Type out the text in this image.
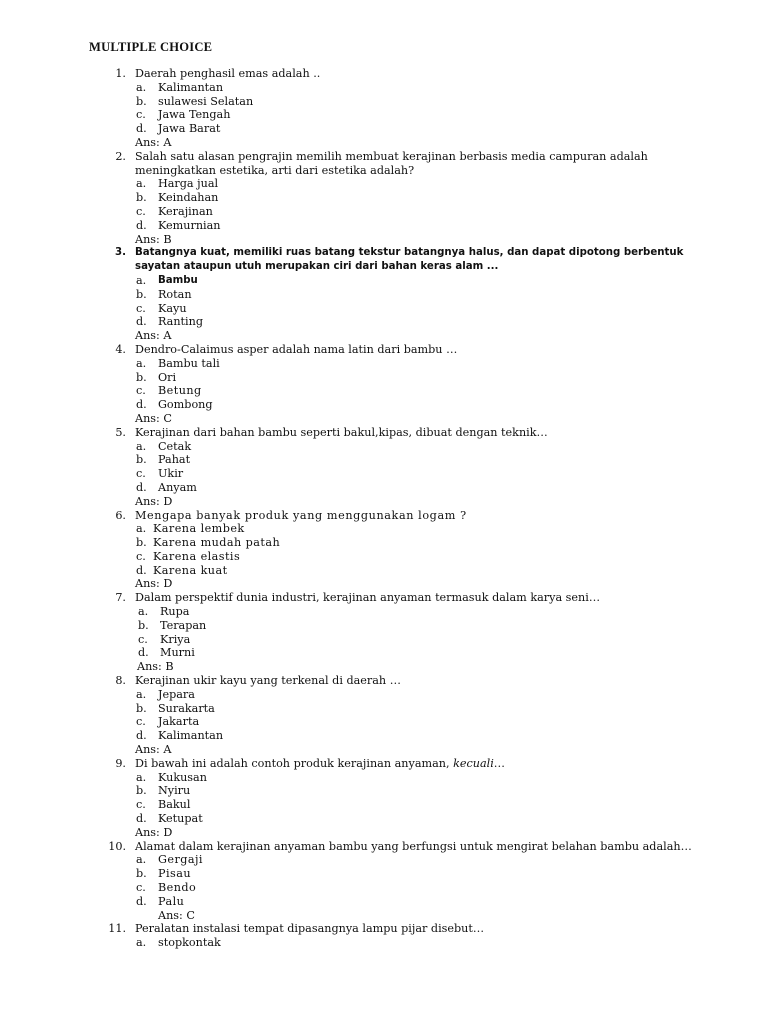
MULTIPLE CHOICE
1. Daerah penghasil emas adalah ..
a. Kalimantan
b. sulawesi Selatan
c. Jawa Tengah
d. Jawa Barat
Ans: A
2. Salah satu alasan pengrajin memilih membuat kerajinan berbasis media campuran adalah
meningkatkan estetika, arti dari estetika adalah?
a. Harga jual
b. Keindahan
c. Kerajinan
d. Kemurnian
Ans: B
3. Batangnya kuat, memiliki ruas batang tekstur batangnya halus, dan dapat dipotong berbentuk
sayatan ataupun utuh merupakan ciri dari bahan keras alam ...
a. Bambu
b. Rotan
c. Kayu
d. Ranting
Ans: A
4. Dendro-Calaimus asper adalah nama latin dari bambu …
a. Bambu tali
b. Ori
c. Betung
d. Gombong
Ans: C
5. Kerajinan dari bahan bambu seperti bakul,kipas, dibuat dengan teknik…
a. Cetak
b. Pahat
c. Ukir
d. Anyam
Ans: D
6. Mengapa banyak produk yang menggunakan logam ?
a. Karena lembek
b. Karena mudah patah
c. Karena elastis
d. Karena kuat
Ans: D
7. Dalam perspektif dunia industri, kerajinan anyaman termasuk dalam karya seni…
a. Rupa
b. Terapan
c. Kriya
d. Murni
Ans: B
8. Kerajinan ukir kayu yang terkenal di daerah …
a. Jepara
b. Surakarta
c. Jakarta
d. Kalimantan
Ans: A
9. Di bawah ini adalah contoh produk kerajinan anyaman, kecuali…
a. Kukusan
b. Nyiru
c. Bakul
d. Ketupat
Ans: D
10. Alamat dalam kerajinan anyaman bambu yang berfungsi untuk mengirat belahan bambu adalah…
a. Gergaji
b. Pisau
c. Bendo
d. Palu
Ans: C
11. Peralatan instalasi tempat dipasangnya lampu pijar disebut…
a. stopkontak
